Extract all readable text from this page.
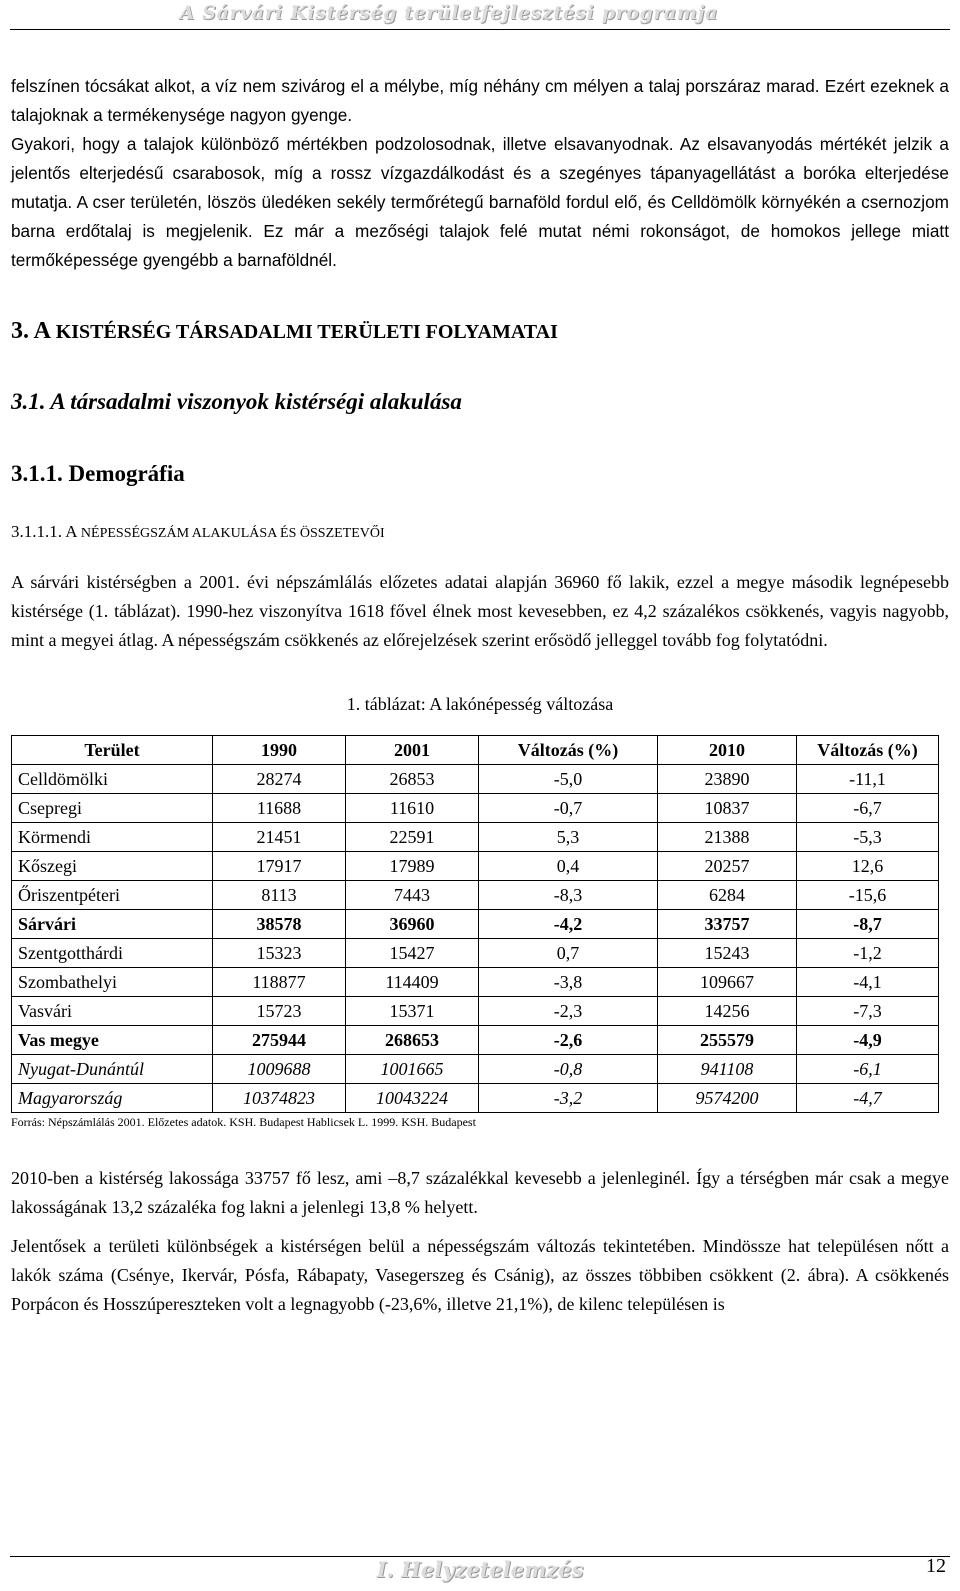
A Sárvári Kistérség területfejlesztési programja

felszínen tócsákat alkot, a víz nem szivárog el a mélybe, míg néhány cm mélyen a talaj porszáraz marad. Ezért ezeknek a talajoknak a termékenysége nagyon gyenge.

Gyakori, hogy a talajok különböző mértékben podzolosodnak, illetve elsavanyodnak. Az elsavanyodás mértékét jelzik a jelentős elterjedésű csarabosok, míg a rossz vízgazdálkodást és a szegényes tápanyagellátást a boróka elterjedése mutatja. A cser területén, löszös üledéken sekély termőrétegű barnaföld fordul elő, és Celldömölk környékén a csernozjom barna erdőtalaj is megjelenik. Ez már a mezőségi talajok felé mutat némi rokonságot, de homokos jellege miatt termőképessége gyengébb a barnaföldnél.

3. A KISTÉRSÉG TÁRSADALMI TERÜLETI FOLYAMATAI
3.1. A társadalmi viszonyok kistérségi alakulása
3.1.1. Demográfia
3.1.1.1. A NÉPESSÉGSZÁM ALAKULÁSA ÉS ÖSSZETEVŐI

A sárvári kistérségben a 2001. évi népszámlálás előzetes adatai alapján 36960 fő lakik, ezzel a megye második legnépesebb kistérsége (1. táblázat). 1990-hez viszonyítva 1618 fővel élnek most kevesebben, ez 4,2 százalékos csökkenés, vagyis nagyobb, mint a megyei átlag. A népességszám csökkenés az előrejelzések szerint erősödő jelleggel tovább fog folytatódni.

1. táblázat: A lakónépesség változása
Terület	1990	2001	Változás (%)	2010	Változás (%)
Celldömölki	28274	26853	-5,0	23890	-11,1
Csepregi	11688	11610	-0,7	10837	-6,7
Körmendi	21451	22591	5,3	21388	-5,3
Kőszegi	17917	17989	0,4	20257	12,6
Őriszentpéteri	8113	7443	-8,3	6284	-15,6
Sárvári	38578	36960	-4,2	33757	-8,7
Szentgotthárdi	15323	15427	0,7	15243	-1,2
Szombathelyi	118877	114409	-3,8	109667	-4,1
Vasvári	15723	15371	-2,3	14256	-7,3
Vas megye	275944	268653	-2,6	255579	-4,9
Nyugat-Dunántúl	1009688	1001665	-0,8	941108	-6,1
Magyarország	10374823	10043224	-3,2	9574200	-4,7
Forrás: Népszámlálás 2001. Előzetes adatok. KSH. Budapest Hablicsek L. 1999. KSH. Budapest

2010-ben a kistérség lakossága 33757 fő lesz, ami –8,7 százalékkal kevesebb a jelenleginél. Így a térségben már csak a megye lakosságának 13,2 százaléka fog lakni a jelenlegi 13,8 % helyett.

Jelentősek a területi különbségek a kistérségen belül a népességszám változás tekintetében. Mindössze hat településen nőtt a lakók száma (Csénye, Ikervár, Pósfa, Rábapaty, Vasegerszeg és Csánig), az összes többiben csökkent (2. ábra). A csökkenés Porpácon és Hosszúpereszteken volt a legnagyobb (-23,6%, illetve 21,1%), de kilenc településen is

I. Helyzetelemzés	12
